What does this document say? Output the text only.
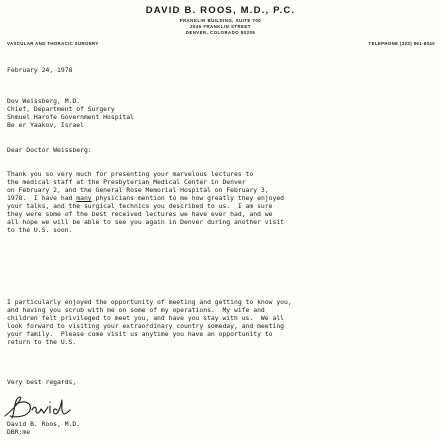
DAVID B. ROOS, M.D., P.C.
FRANKLIN BUILDING, SUITE 700
2045 FRANKLIN STREET
DENVER, COLORADO 80205
VASCULAR AND THORACIC SURGERY	TELEPHONE (303) 861-8040
February 24, 1978
Dov Weissberg, M.D.
Chief, Department of Surgery
Shmuel Harofe Government Hospital
Be er Yaakov, Israel
Dear Doctor Weissberg:
Thank you so very much for presenting your marvelous lectures to
the medical staff at the Presbyterian Medical Center in Denver
on February 2, and the General Rose Memorial Hospital on February 3,
1978.  I have had many physicians mention to me how greatly they enjoyed
your talks, and the surgical technics you described to us.  I am sure
they were some of the best received lectures we have ever had, and we
all hope we will be able to see you again in Denver during another visit
to the U.S. soon.
I particularly enjoyed the opportunity of meeting and getting to know you,
and having you scrub with me on some of my operations.  My wife and
children felt privileged to meet you, and have you stay with us.  We all
look forward to visiting your extraordinary country someday, and meeting
your family.  Please come visit us anytime you have an opportunity to
return to the U.S.
Very best regards,
David B. Roos, M.D.
DBR:me
